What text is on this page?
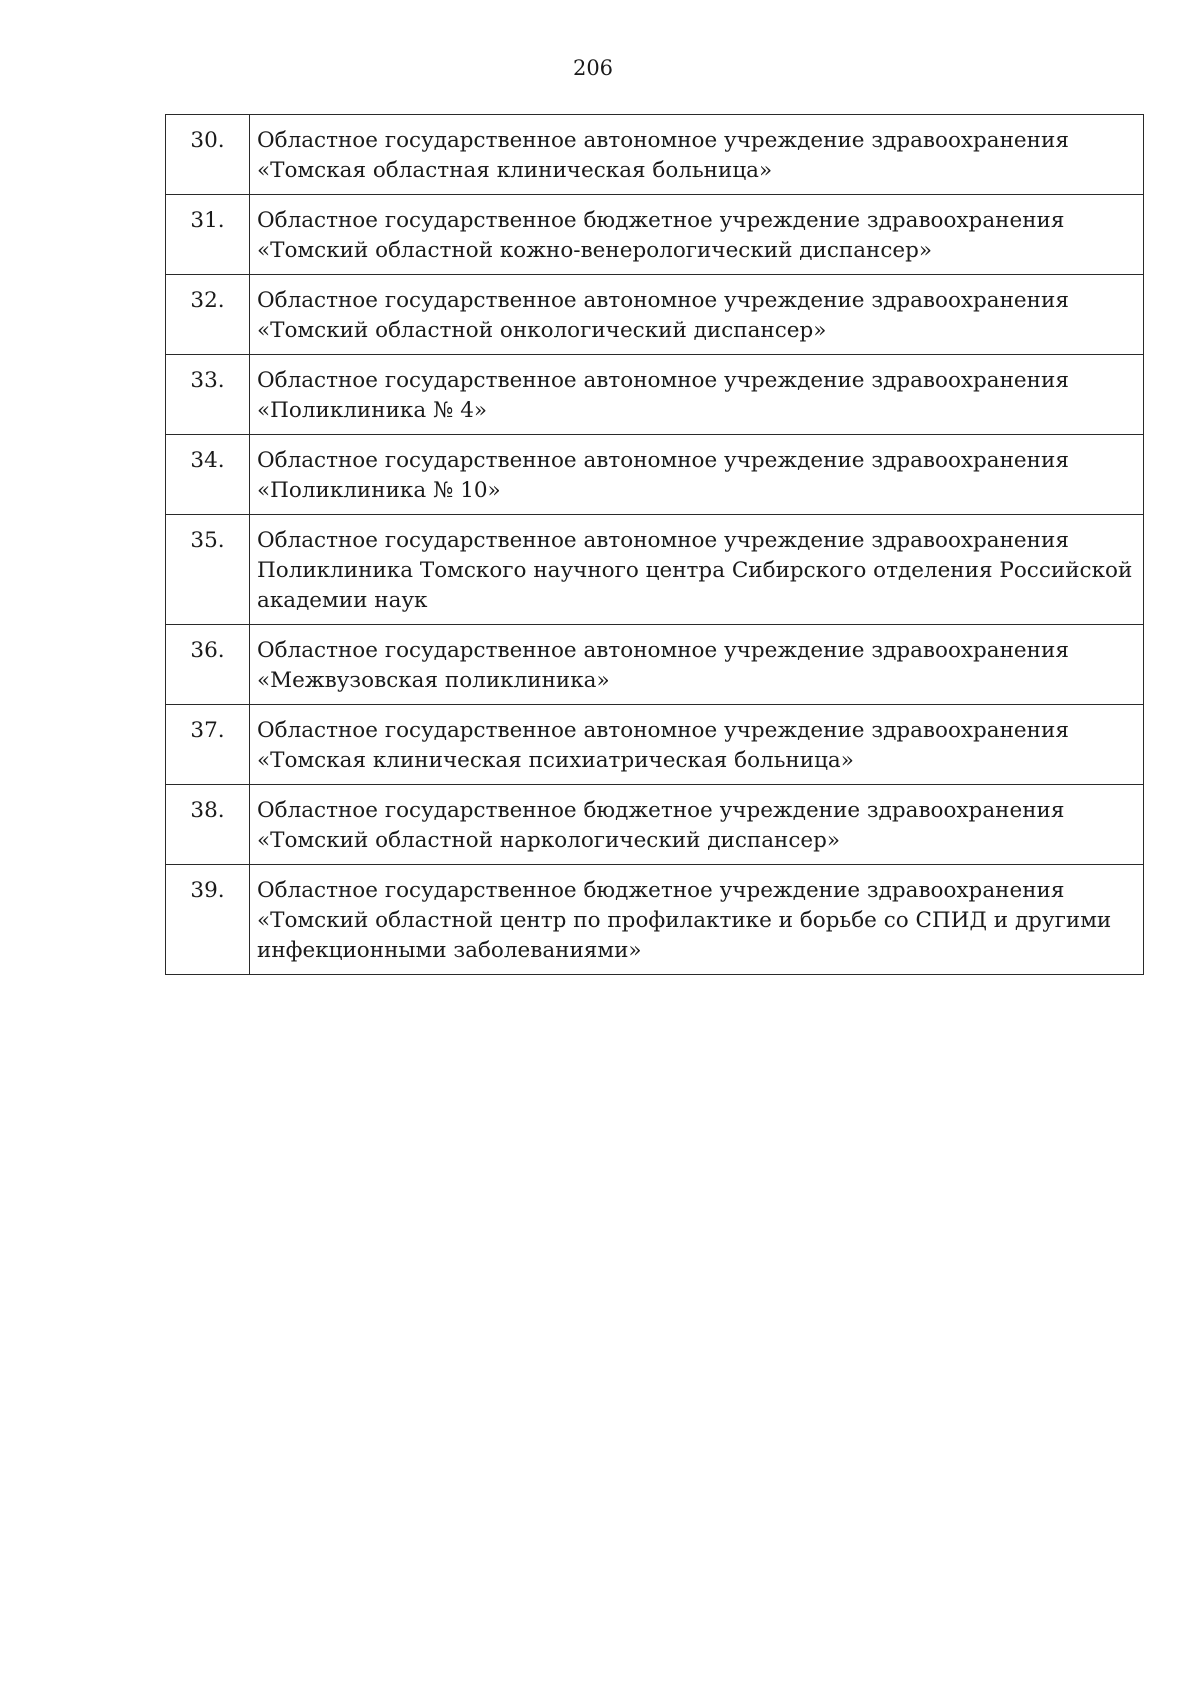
206
30.	Областное государственное автономное учреждение здравоохранения
«Томская областная клиническая больница»

31.	Областное государственное бюджетное учреждение здравоохранения
«Томский областной кожно-венерологический диспансер»

32.	Областное государственное автономное учреждение здравоохранения
«Томский областной онкологический диспансер»

33.	Областное государственное автономное учреждение здравоохранения
«Поликлиника № 4»

34.	Областное государственное автономное учреждение здравоохранения
«Поликлиника № 10»

35.	Областное государственное автономное учреждение здравоохранения
Поликлиника Томского научного центра Сибирского отделения Российской
академии наук

36.	Областное государственное автономное учреждение здравоохранения
«Межвузовская поликлиника»

37.	Областное государственное автономное учреждение здравоохранения
«Томская клиническая психиатрическая больница»

38.	Областное государственное бюджетное учреждение здравоохранения
«Томский областной наркологический диспансер»

39.	Областное государственное бюджетное учреждение здравоохранения
«Томский областной центр по профилактике и борьбе со СПИД и другими
инфекционными заболеваниями»
